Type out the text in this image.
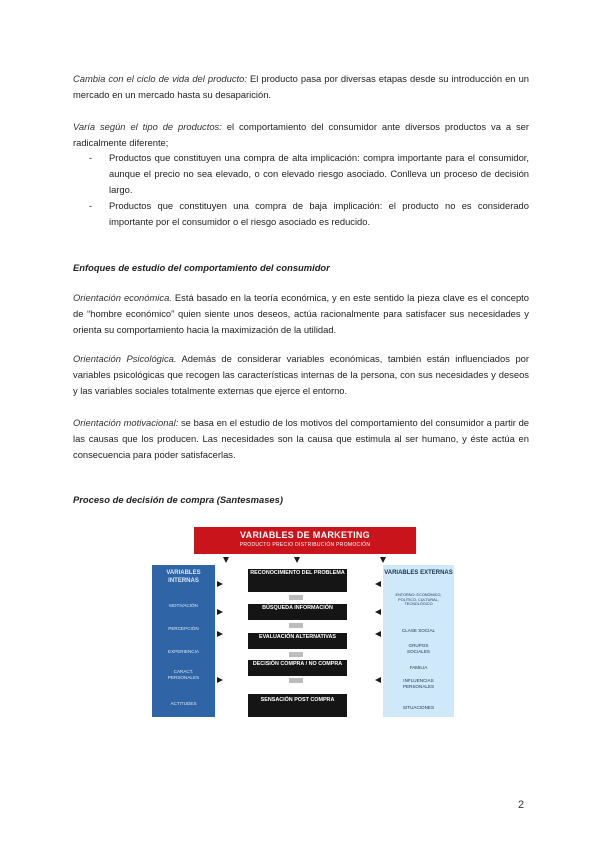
Cambia con el ciclo de vida del producto: El producto pasa por diversas etapas desde su introducción en un mercado en un mercado hasta su desaparición.

Varía según el tipo de productos: el comportamiento del consumidor ante diversos productos va a ser radicalmente diferente;

- Productos que constituyen una compra de alta implicación: compra importante para el consumidor, aunque el precio no sea elevado, o con elevado riesgo asociado. Conlleva un proceso de decisión largo.
- Productos que constituyen una compra de baja implicación: el producto no es considerado importante por el consumidor o el riesgo asociado es reducido.
Enfoques de estudio del comportamiento del consumidor

Orientación económica. Está basado en la teoría económica, y en este sentido la pieza clave es el concepto de “hombre económico” quien siente unos deseos, actúa racionalmente para satisfacer sus necesidades y orienta su comportamiento hacia la maximización de la utilidad.

Orientación Psicológica. Además de considerar variables económicas, también están influenciados por variables psicológicas que recogen las características internas de la persona, con sus necesidades y deseos y las variables sociales totalmente externas que ejerce el entorno.

Orientación motivacional: se basa en el estudio de los motivos del comportamiento del consumidor a partir de las causas que los producen. Las necesidades son la causa que estimula al ser humano, y éste actúa en consecuencia para poder satisfacerlas.

Proceso de decisión de compra (Santesmases)
VARIABLES DE MARKETING
PRODUCTO PRECIO DISTRIBUCIÓN PROMOCIÓN
VARIABLES INTERNAS
MOTIVACIÓN
PERCEPCIÓN
EXPERIENCIA
CARACT. PERSONALES
ACTITUDES
VARIABLES EXTERNAS
ENTORNO: ECONÓMICO, POLÍTICO, CULTURAL, TECNOLÓGICO
CLASE SOCIAL
GRUPOS SOCIALES
FAMILIA
INFLUENCIAS PERSONALES
SITUACIONES
RECONOCIMIENTO DEL PROBLEMA
BÚSQUEDA INFORMACIÓN
EVALUACIÓN ALTERNATIVAS
DECISIÓN COMPRA / NO COMPRA
SENSACIÓN POST COMPRA
2
